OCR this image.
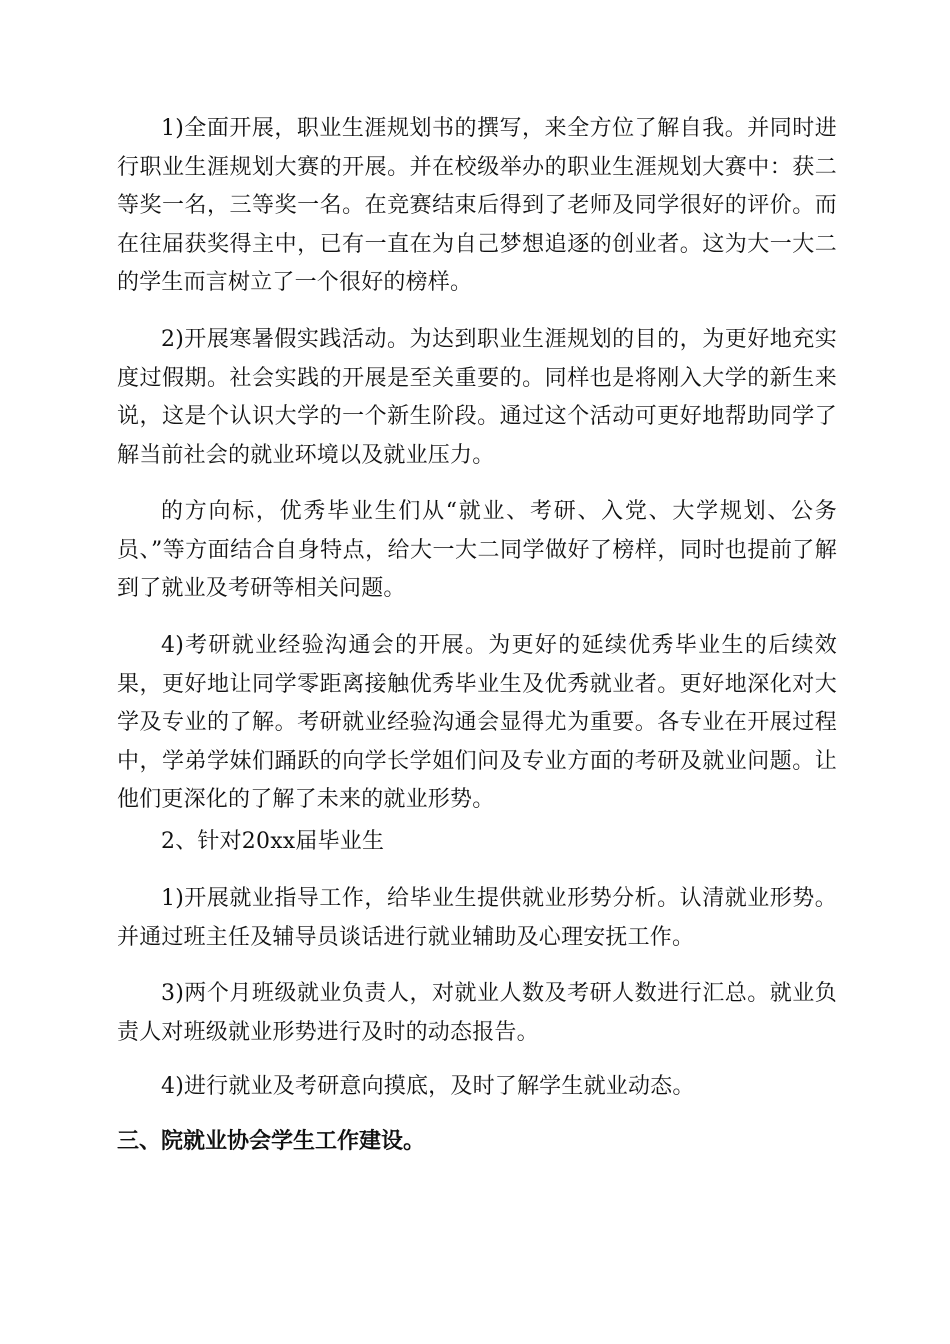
1)全面开展，职业生涯规划书的撰写，来全方位了解自我。并同时进行职业生涯规划大赛的开展。并在校级举办的职业生涯规划大赛中：获二等奖一名，三等奖一名。在竞赛结束后得到了老师及同学很好的评价。而在往届获奖得主中，已有一直在为自己梦想追逐的创业者。这为大一大二的学生而言树立了一个很好的榜样。

2)开展寒暑假实践活动。为达到职业生涯规划的目的，为更好地充实度过假期。社会实践的开展是至关重要的。同样也是将刚入大学的新生来说，这是个认识大学的一个新生阶段。通过这个活动可更好地帮助同学了解当前社会的就业环境以及就业压力。

的方向标，优秀毕业生们从“就业、考研、入党、大学规划、公务员、”等方面结合自身特点，给大一大二同学做好了榜样，同时也提前了解到了就业及考研等相关问题。

4)考研就业经验沟通会的开展。为更好的延续优秀毕业生的后续效果，更好地让同学零距离接触优秀毕业生及优秀就业者。更好地深化对大学及专业的了解。考研就业经验沟通会显得尤为重要。各专业在开展过程中，学弟学妹们踊跃的向学长学姐们问及专业方面的考研及就业问题。让他们更深化的了解了未来的就业形势。

2、针对20xx届毕业生

1)开展就业指导工作，给毕业生提供就业形势分析。认清就业形势。并通过班主任及辅导员谈话进行就业辅助及心理安抚工作。

3)两个月班级就业负责人，对就业人数及考研人数进行汇总。就业负责人对班级就业形势进行及时的动态报告。

4)进行就业及考研意向摸底，及时了解学生就业动态。

三、院就业协会学生工作建设。
